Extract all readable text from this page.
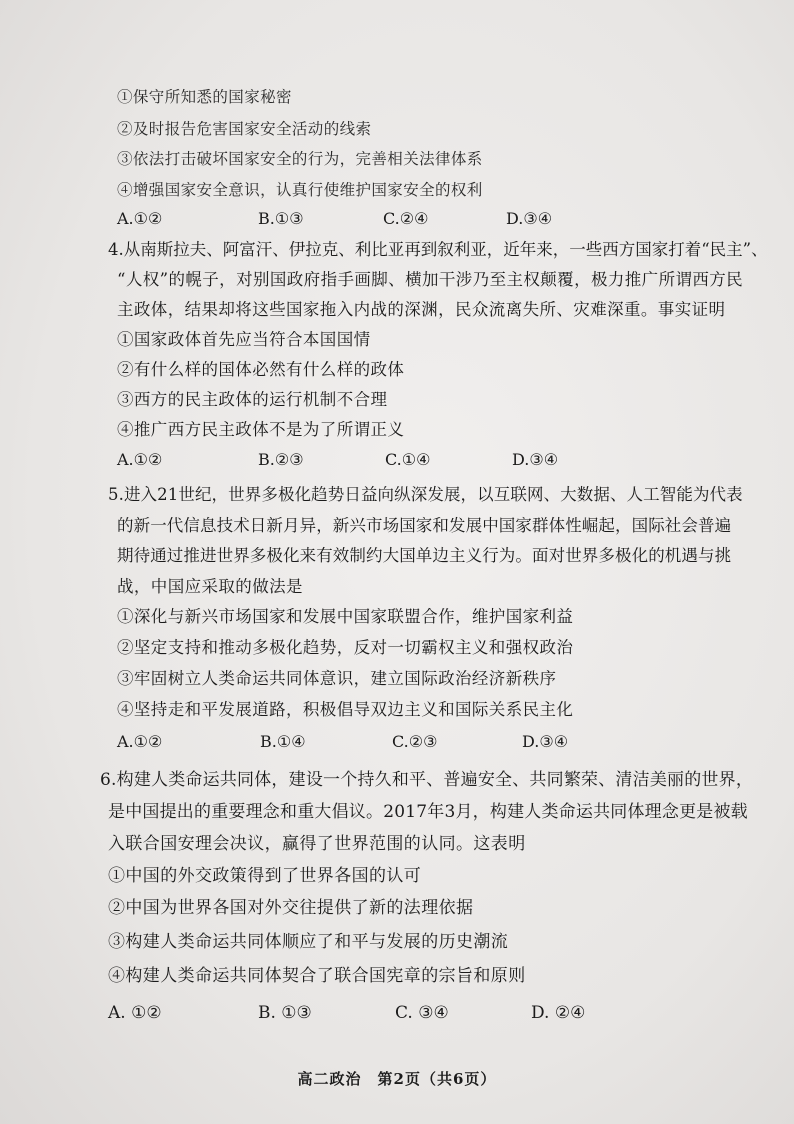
①保守所知悉的国家秘密
②及时报告危害国家安全活动的线索
③依法打击破坏国家安全的行为，完善相关法律体系
④增强国家安全意识，认真行使维护国家安全的权利
A.①②	B.①③	C.②④	D.③④
4.从南斯拉夫、阿富汗、伊拉克、利比亚再到叙利亚，近年来，一些西方国家打着“民主”、
“人权”的幌子，对别国政府指手画脚、横加干涉乃至主权颠覆，极力推广所谓西方民
主政体，结果却将这些国家拖入内战的深渊，民众流离失所、灾难深重。事实证明
①国家政体首先应当符合本国国情
②有什么样的国体必然有什么样的政体
③西方的民主政体的运行机制不合理
④推广西方民主政体不是为了所谓正义
A.①②	B.②③	C.①④	D.③④
5.进入21世纪，世界多极化趋势日益向纵深发展，以互联网、大数据、人工智能为代表
的新一代信息技术日新月异，新兴市场国家和发展中国家群体性崛起，国际社会普遍
期待通过推进世界多极化来有效制约大国单边主义行为。面对世界多极化的机遇与挑
战，中国应采取的做法是
①深化与新兴市场国家和发展中国家联盟合作，维护国家利益
②坚定支持和推动多极化趋势，反对一切霸权主义和强权政治
③牢固树立人类命运共同体意识，建立国际政治经济新秩序
④坚持走和平发展道路，积极倡导双边主义和国际关系民主化
A.①②	B.①④	C.②③	D.③④
6.构建人类命运共同体，建设一个持久和平、普遍安全、共同繁荣、清洁美丽的世界，
是中国提出的重要理念和重大倡议。2017年3月，构建人类命运共同体理念更是被载
入联合国安理会决议，赢得了世界范围的认同。这表明
①中国的外交政策得到了世界各国的认可
②中国为世界各国对外交往提供了新的法理依据
③构建人类命运共同体顺应了和平与发展的历史潮流
④构建人类命运共同体契合了联合国宪章的宗旨和原则
A. ①②	B. ①③	C. ③④	D. ②④
高二政治　第2页（共6页）
